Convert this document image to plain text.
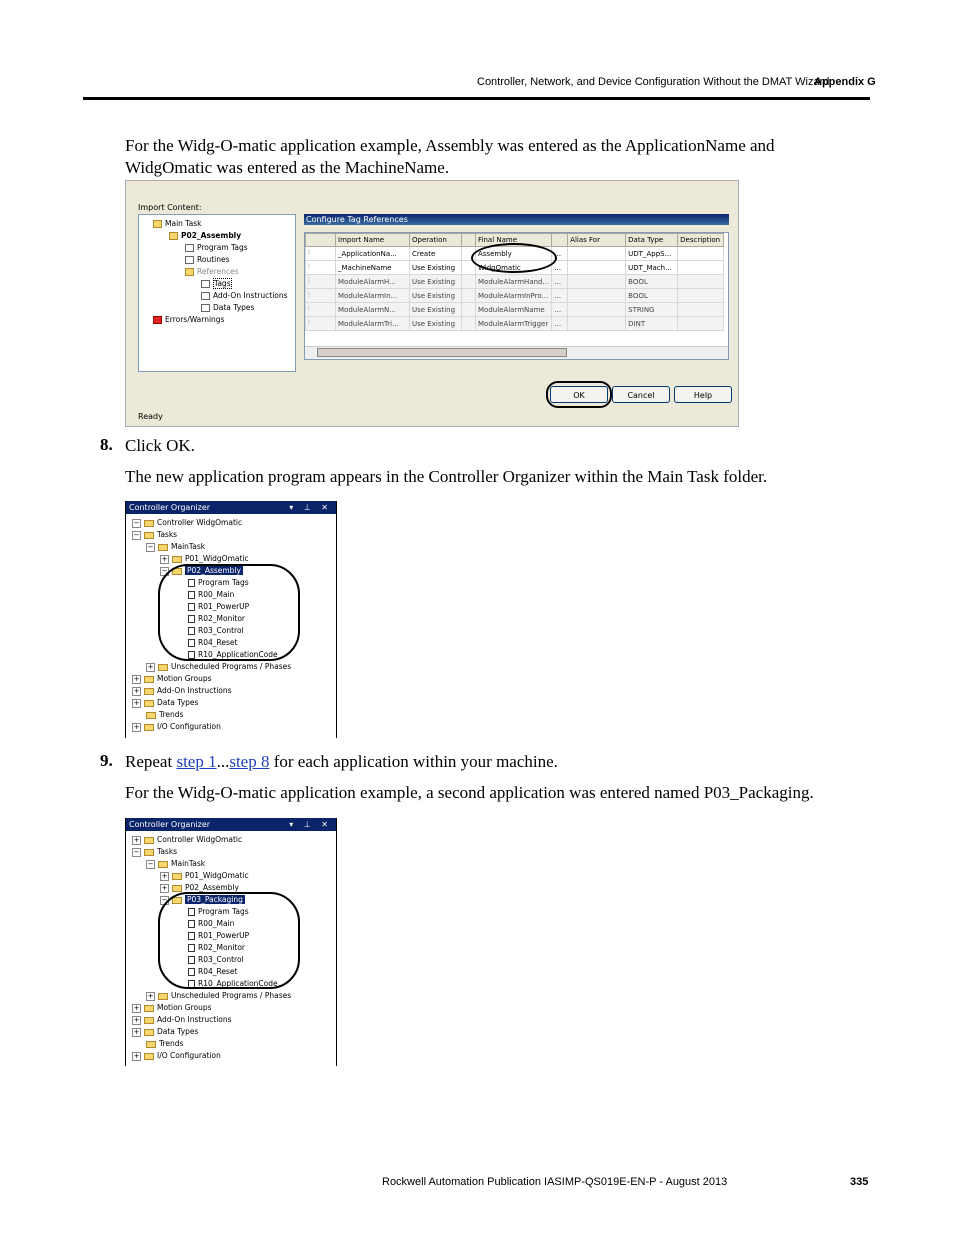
Controller, Network, and Device Configuration Without the DMAT Wizard
Appendix G

For the Widg-O-matic application example, Assembly was entered as the ApplicationName and WidgOmatic was entered as the MachineName.

Import Content:
Main Task
P02_Assembly
Program Tags
Routines
References
Tags
Add-On Instructions
Data Types
Errors/Warnings
Configure Tag References
	Import Name	Operation		Final Name		Alias For	Data Type	Description
⫶	_ApplicationNa...	Create		Assembly	…		UDT_AppS...	
⫶	_MachineName	Use Existing		WidgOmatic	…		UDT_Mach...	
⫶	ModuleAlarmH...	Use Existing		ModuleAlarmHand...	…		BOOL	
⫶	ModuleAlarmIn...	Use Existing		ModuleAlarmInPro...	…		BOOL	
⫶	ModuleAlarmN...	Use Existing		ModuleAlarmName	…		STRING	
⫶	ModuleAlarmTri...	Use Existing		ModuleAlarmTrigger	…		DINT	
OK	Cancel	Help
Ready
8. Click OK.

The new application program appears in the Controller Organizer within the Main Task folder.

Controller Organizer	▾ ⊥ ✕
− Controller WidgOmatic
− Tasks
− MainTask
+ P01_WidgOmatic
−	P02_Assembly
Program Tags
R00_Main
R01_PowerUP
R02_Monitor
R03_Control
R04_Reset
R10_ApplicationCode
+ Unscheduled Programs / Phases
+ Motion Groups
+ Add-On Instructions
+ Data Types
Trends
+ I/O Configuration
9. Repeat step 1...step 8 for each application within your machine.

For the Widg-O-matic application example, a second application was entered named P03_Packaging.

Controller Organizer	▾ ⊥ ✕
+ Controller WidgOmatic
− Tasks
− MainTask
+ P01_WidgOmatic
+ P02_Assembly
−	P03_Packaging
Program Tags
R00_Main
R01_PowerUP
R02_Monitor
R03_Control
R04_Reset
R10_ApplicationCode
+ Unscheduled Programs / Phases
+ Motion Groups
+ Add-On Instructions
+ Data Types
Trends
+ I/O Configuration
Rockwell Automation Publication IASIMP-QS019E-EN-P - August 2013	335
